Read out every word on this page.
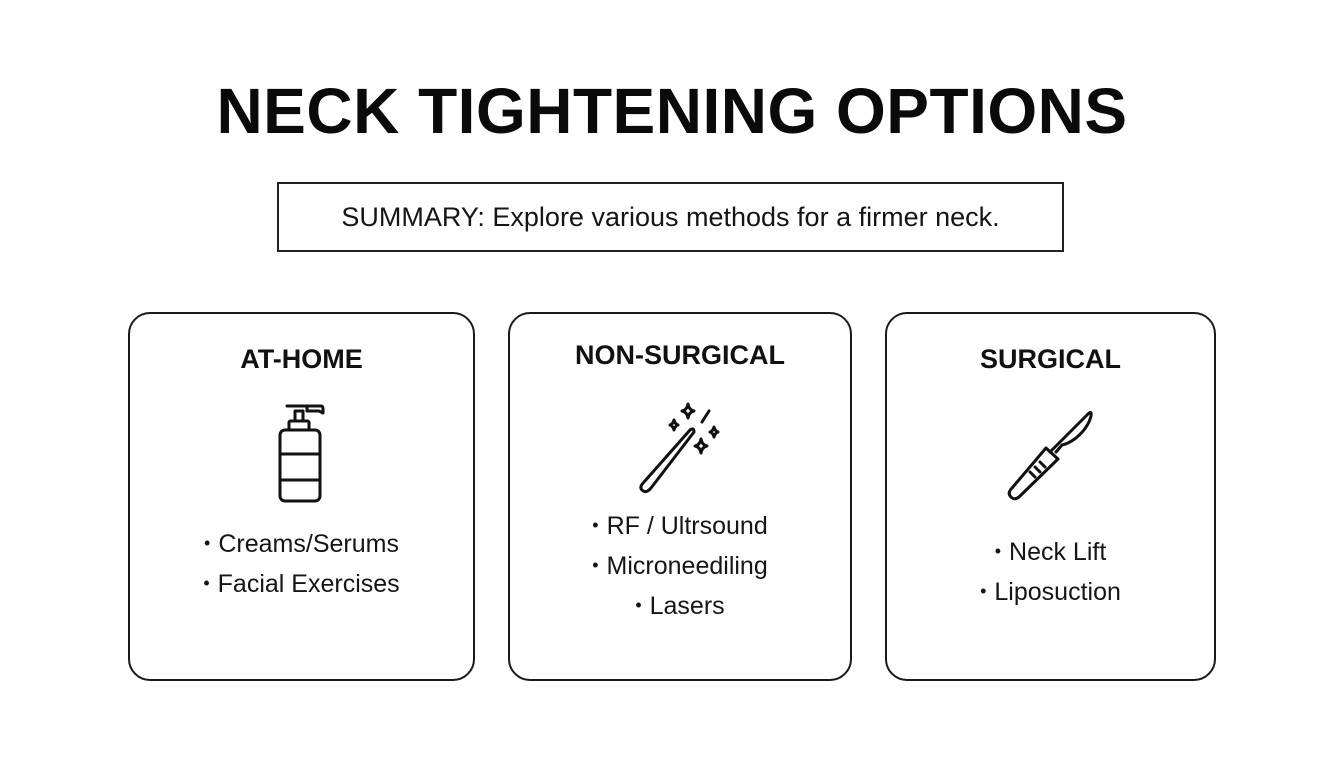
NECK TIGHTENING OPTIONS
SUMMARY: Explore various methods for a firmer neck.
AT-HOME
• Creams/Serums
• Facial Exercises
NON-SURGICAL
• RF / Ultrsound
• Microneediling
• Lasers
SURGICAL
• Neck Lift
• Liposuction
